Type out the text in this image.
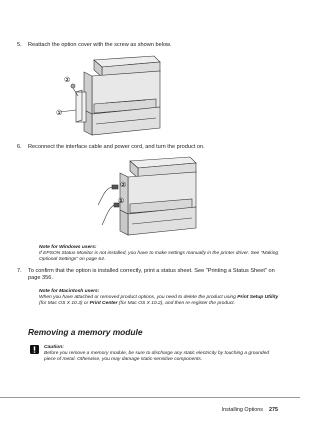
5. Reattach the option cover with the screw as shown below.
②
①
6. Reconnect the interface cable and power cord, and turn the product on.
②
①
Note for Windows users:
If EPSON Status Monitor is not installed, you have to make settings manually in the printer driver. See "Making Optional Settings" on page 64.
7. To confirm that the option is installed correctly, print a status sheet. See "Printing a Status Sheet" on page 356.
Note for Macintosh users:
When you have attached or removed product options, you need to delete the product using Print Setup Utility (for Mac OS X 10.3) or Print Center (for Mac OS X 10.2), and then re-register the product.
Removing a memory module
Caution:
Before you remove a memory module, be sure to discharge any static electricity by touching a grounded piece of metal. Otherwise, you may damage static-sensitive components.
Installing Options 275
